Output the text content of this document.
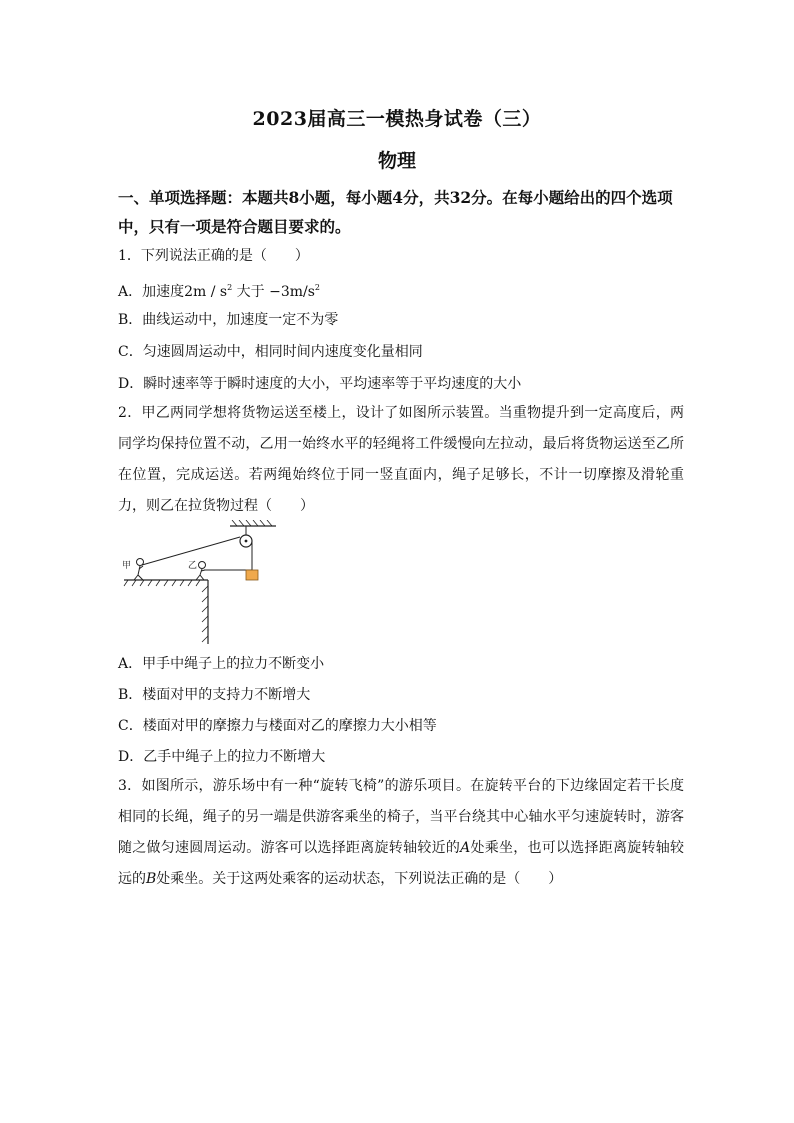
2023届高三一模热身试卷（三）
物理
一、单项选择题：本题共8小题，每小题4分，共32分。在每小题给出的四个选项中，只有一项是符合题目要求的。
1．下列说法正确的是（　　）
A．加速度$2m / s^2$ 大于 $-3m/s^2$
B．曲线运动中，加速度一定不为零
C．匀速圆周运动中，相同时间内速度变化量相同
D．瞬时速率等于瞬时速度的大小，平均速率等于平均速度的大小
2．甲乙两同学想将货物运送至楼上，设计了如图所示装置。当重物提升到一定高度后，两同学均保持位置不动，乙用一始终水平的轻绳将工件缓慢向左拉动，最后将货物运送至乙所在位置，完成运送。若两绳始终位于同一竖直面内，绳子足够长，不计一切摩擦及滑轮重力，则乙在拉货物过程（　　）
甲	乙
A．甲手中绳子上的拉力不断变小
B．楼面对甲的支持力不断增大
C．楼面对甲的摩擦力与楼面对乙的摩擦力大小相等
D．乙手中绳子上的拉力不断增大
3．如图所示，游乐场中有一种“旋转飞椅”的游乐项目。在旋转平台的下边缘固定若干长度相同的长绳，绳子的另一端是供游客乘坐的椅子，当平台绕其中心轴水平匀速旋转时，游客随之做匀速圆周运动。游客可以选择距离旋转轴较近的A处乘坐，也可以选择距离旋转轴较远的B处乘坐。关于这两处乘客的运动状态，下列说法正确的是（　　）
